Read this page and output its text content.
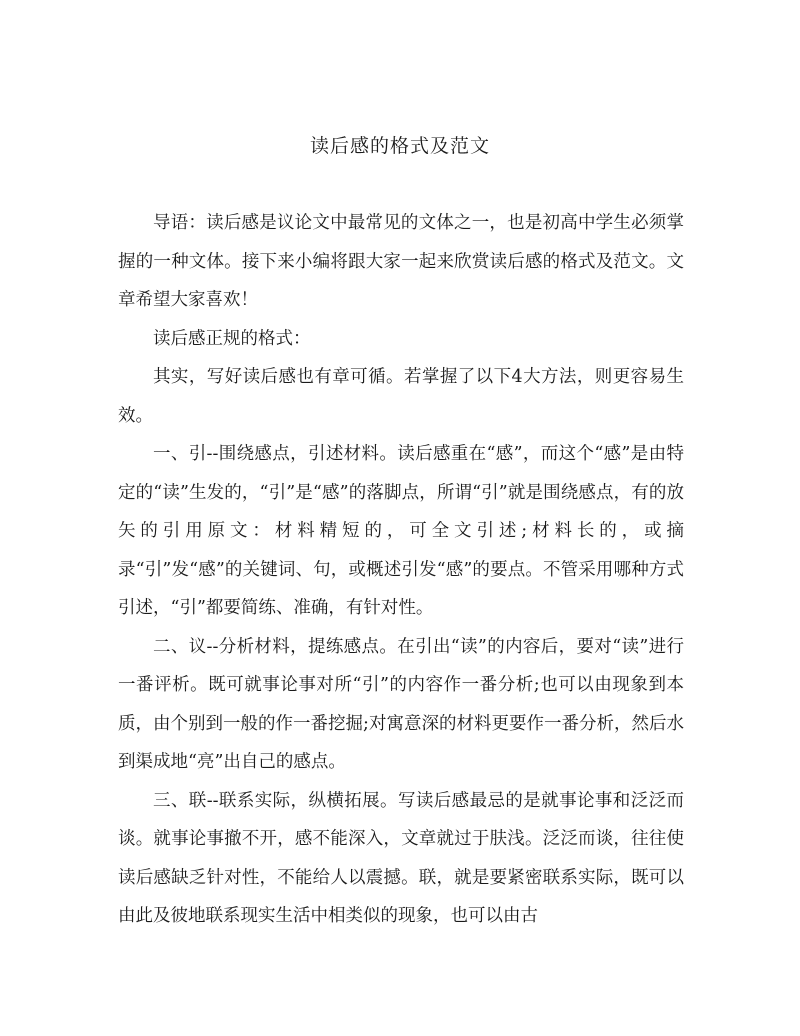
读后感的格式及范文

导语：读后感是议论文中最常见的文体之一，也是初高中学生必须掌握的一种文体。接下来小编将跟大家一起来欣赏读后感的格式及范文。文章希望大家喜欢！

读后感正规的格式：

其实，写好读后感也有章可循。若掌握了以下4大方法，则更容易生效。

一、引--围绕感点，引述材料。读后感重在“感”，而这个“感”是由特定的“读”生发的，“引”是“感”的落脚点，所谓“引”就是围绕感点，有的放矢的引用原文：材料精短的，可全文引述;材料长的，或摘录“引”发“感”的关键词、句，或概述引发“感”的要点。不管采用哪种方式引述，“引”都要简练、准确，有针对性。

二、议--分析材料，提练感点。在引出“读”的内容后，要对“读”进行一番评析。既可就事论事对所“引”的内容作一番分析;也可以由现象到本质，由个别到一般的作一番挖掘;对寓意深的材料更要作一番分析，然后水到渠成地“亮”出自己的感点。

三、联--联系实际，纵横拓展。写读后感最忌的是就事论事和泛泛而谈。就事论事撤不开，感不能深入，文章就过于肤浅。泛泛而谈，往往使读后感缺乏针对性，不能给人以震撼。联，就是要紧密联系实际，既可以由此及彼地联系现实生活中相类似的现象，也可以由古
